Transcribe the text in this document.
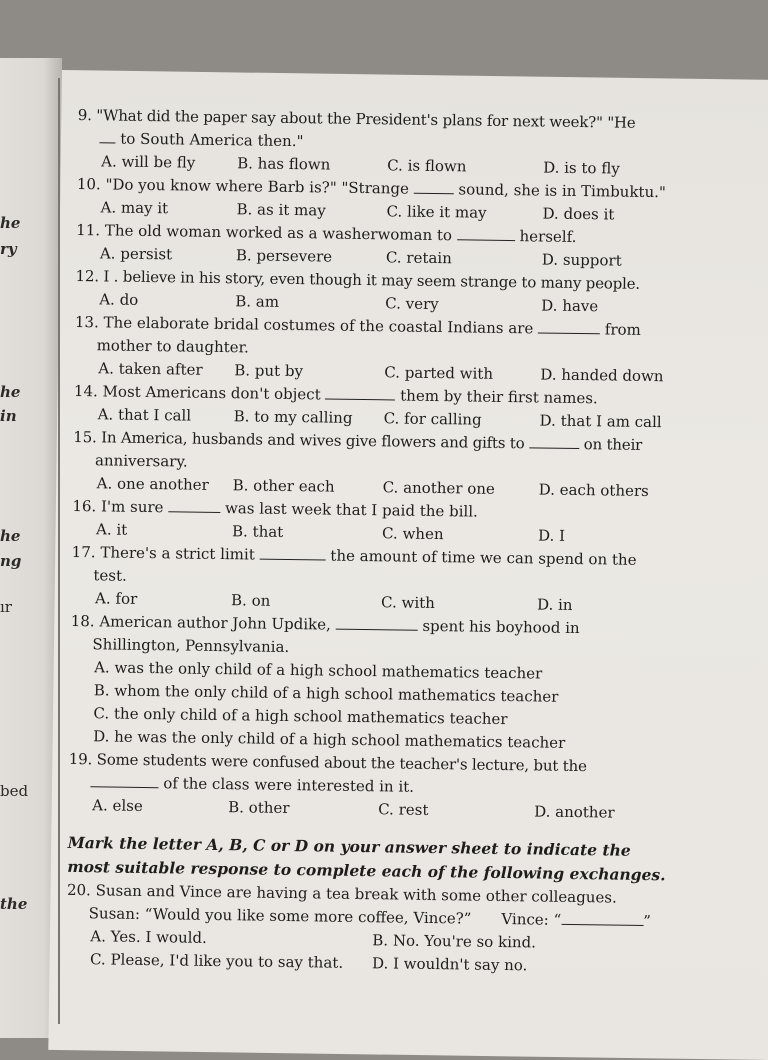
he
ry
he
in
he
ng
ır
bed
the
9. "What did the paper say about the President's plans for next week?" "He
to South America then."
A. will be fly	B. has flown	C. is flown	D. is to fly
10. "Do you know where Barb is?" "Strange	sound, she is in Timbuktu."
A. may it	B. as it may	C. like it may	D. does it
11. The old woman worked as a washerwoman to	herself.
A. persist	B. persevere	C. retain	D. support
12. I . believe in his story, even though it may seem strange to many people.
A. do	B. am	C. very	D. have
13. The elaborate bridal costumes of the coastal Indians are	from
mother to daughter.
A. taken after	B. put by	C. parted with	D. handed down
14. Most Americans don't object	them by their first names.
A. that I call	B. to my calling	C. for calling	D. that I am call
15. In America, husbands and wives give flowers and gifts to	on their
anniversary.
A. one another	B. other each	C. another one	D. each others
16. I'm sure	was last week that I paid the bill.
A. it	B. that	C. when	D. I
17. There's a strict limit	the amount of time we can spend on the
test.
A. for	B. on	C. with	D. in
18. American author John Updike,	spent his boyhood in
Shillington, Pennsylvania.
A. was the only child of a high school mathematics teacher
B. whom the only child of a high school mathematics teacher
C. the only child of a high school mathematics teacher
D. he was the only child of a high school mathematics teacher
19. Some students were confused about the teacher's lecture, but the
of the class were interested in it.
A. else	B. other	C. rest	D. another
Mark the letter A, B, C or D on your answer sheet to indicate the
most suitable response to complete each of the following exchanges.
20. Susan and Vince are having a tea break with some other colleagues.
Susan: “Would you like some more coffee, Vince?” Vince: “	”
A. Yes. I would.	B. No. You're so kind.
C. Please, I'd like you to say that.	D. I wouldn't say no.
